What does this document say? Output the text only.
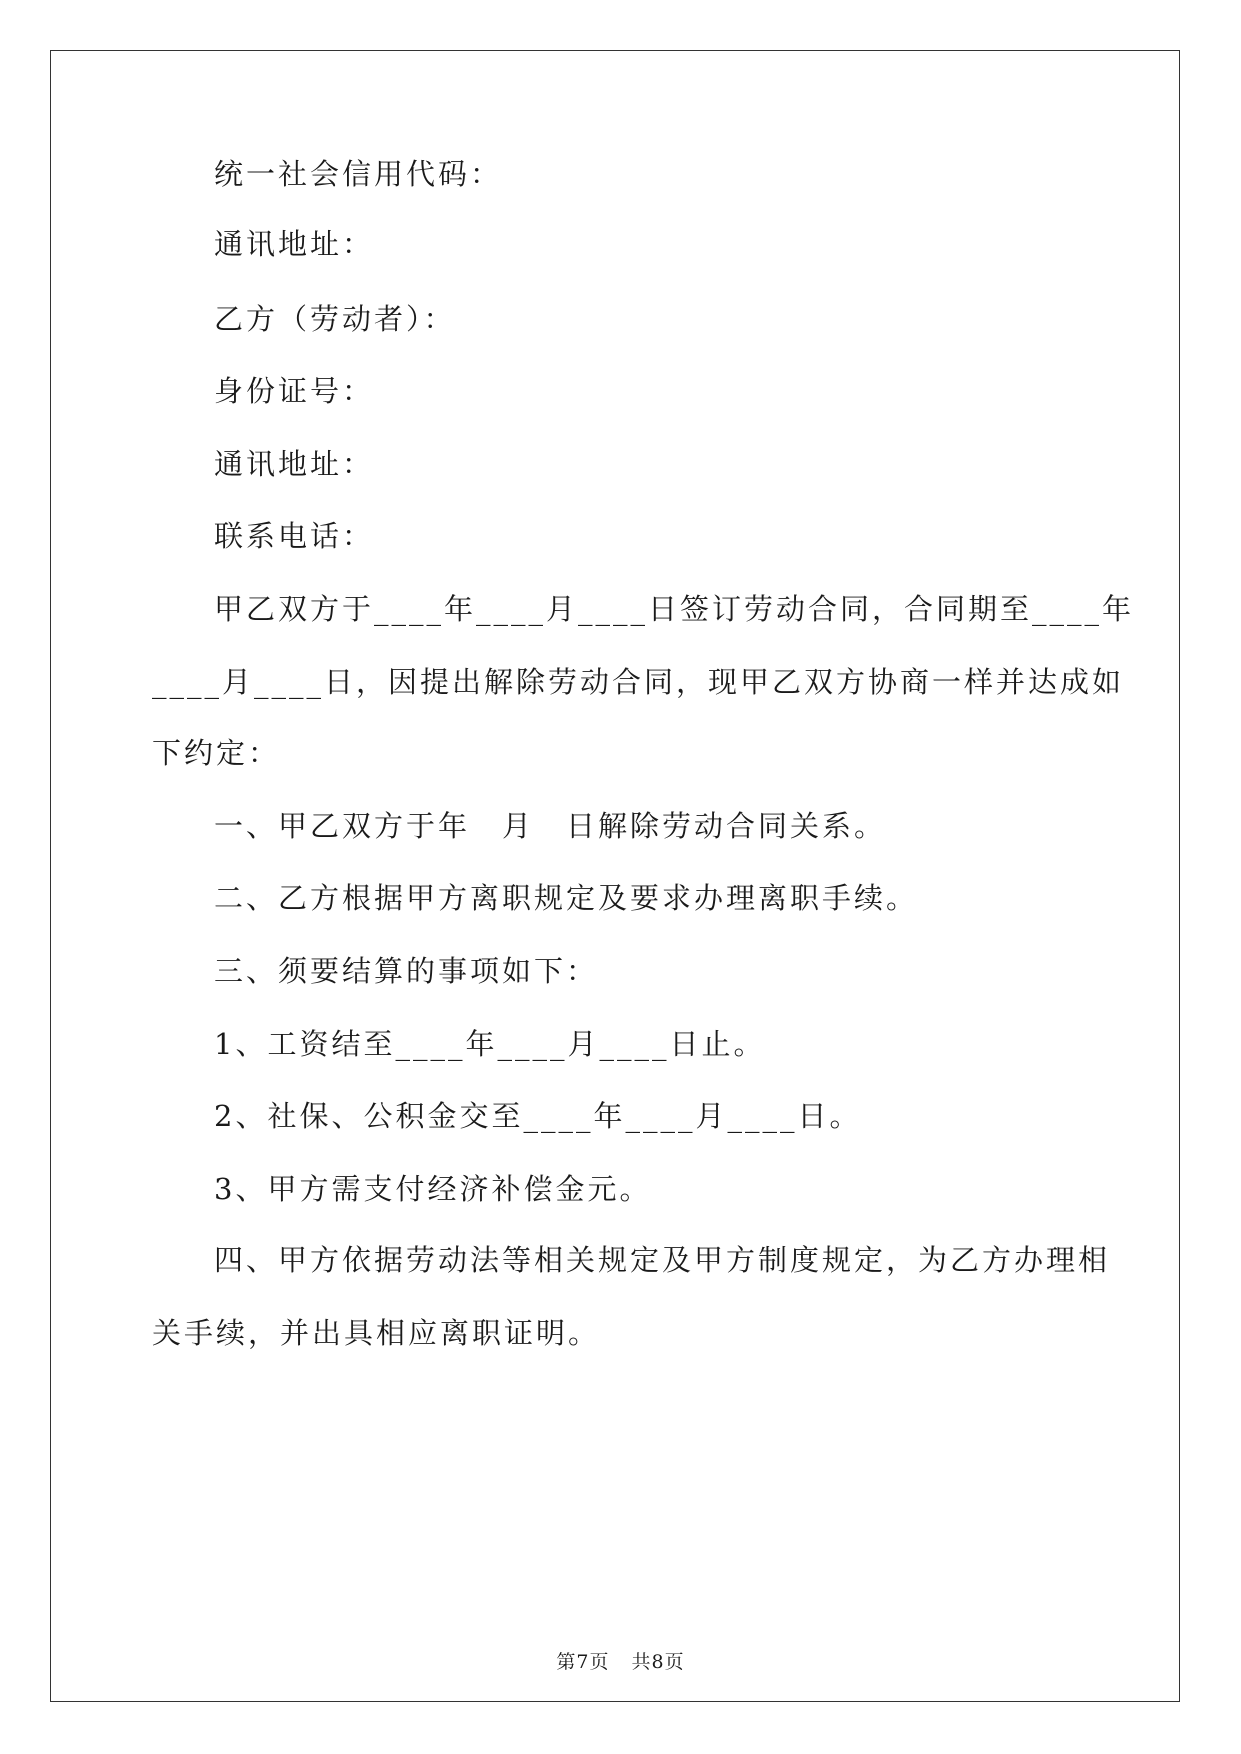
统一社会信用代码：
通讯地址：
乙方（劳动者）：
身份证号：
通讯地址：
联系电话：
甲乙双方于____年____月____日签订劳动合同，合同期至____年
____月____日，因提出解除劳动合同，现甲乙双方协商一样并达成如
下约定：
一、甲乙双方于年　月　日解除劳动合同关系。
二、乙方根据甲方离职规定及要求办理离职手续。
三、须要结算的事项如下：
1、工资结至____年____月____日止。
2、社保、公积金交至____年____月____日。
3、甲方需支付经济补偿金元。
四、甲方依据劳动法等相关规定及甲方制度规定，为乙方办理相
关手续，并出具相应离职证明。
第7页 共8页
